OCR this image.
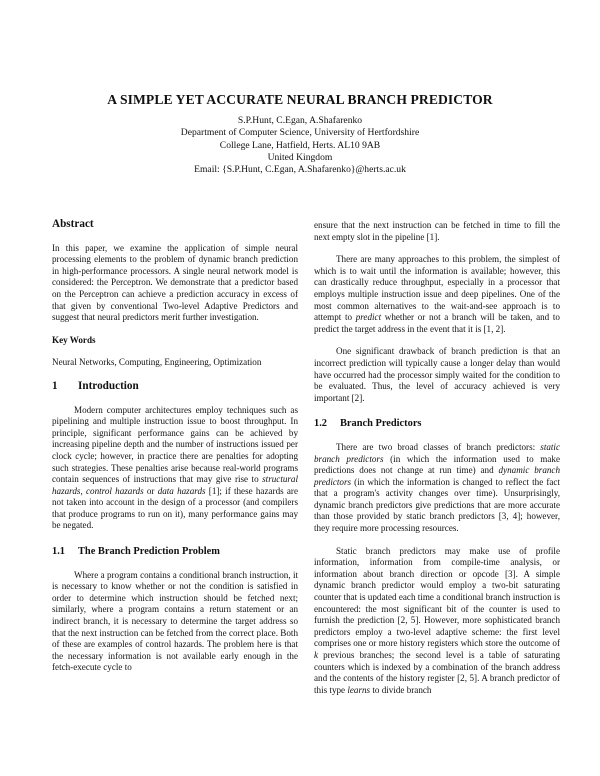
A SIMPLE YET ACCURATE NEURAL BRANCH PREDICTOR
S.P.Hunt, C.Egan, A.Shafarenko
Department of Computer Science, University of Hertfordshire
College Lane, Hatfield, Herts. AL10 9AB
United Kingdom
Email: {S.P.Hunt, C.Egan, A.Shafarenko}@herts.ac.uk

Abstract

In this paper, we examine the application of simple neural processing elements to the problem of dynamic branch prediction in high-performance processors. A single neural network model is considered: the Perceptron. We demonstrate that a predictor based on the Perceptron can achieve a prediction accuracy in excess of that given by conventional Two-level Adaptive Predictors and suggest that neural predictors merit further investigation.

Key Words

Neural Networks, Computing, Engineering, Optimization

1 Introduction

Modern computer architectures employ techniques such as pipelining and multiple instruction issue to boost throughput. In principle, significant performance gains can be achieved by increasing pipeline depth and the number of instructions issued per clock cycle; however, in practice there are penalties for adopting such strategies. These penalties arise because real-world programs contain sequences of instructions that may give rise to structural hazards, control hazards or data hazards [1]; if these hazards are not taken into account in the design of a processor (and compilers that produce programs to run on it), many performance gains may be negated.

1.1 The Branch Prediction Problem

Where a program contains a conditional branch instruction, it is necessary to know whether or not the condition is satisfied in order to determine which instruction should be fetched next; similarly, where a program contains a return statement or an indirect branch, it is necessary to determine the target address so that the next instruction can be fetched from the correct place. Both of these are examples of control hazards. The problem here is that the necessary information is not available early enough in the fetch-execute cycle to

ensure that the next instruction can be fetched in time to fill the next empty slot in the pipeline [1].

There are many approaches to this problem, the simplest of which is to wait until the information is available; however, this can drastically reduce throughput, especially in a processor that employs multiple instruction issue and deep pipelines. One of the most common alternatives to the wait-and-see approach is to attempt to predict whether or not a branch will be taken, and to predict the target address in the event that it is [1, 2].

One significant drawback of branch prediction is that an incorrect prediction will typically cause a longer delay than would have occurred had the processor simply waited for the condition to be evaluated. Thus, the level of accuracy achieved is very important [2].

1.2 Branch Predictors

There are two broad classes of branch predictors: static branch predictors (in which the information used to make predictions does not change at run time) and dynamic branch predictors (in which the information is changed to reflect the fact that a program's activity changes over time). Unsurprisingly, dynamic branch predictors give predictions that are more accurate than those provided by static branch predictors [3, 4]; however, they require more processing resources.

Static branch predictors may make use of profile information, information from compile-time analysis, or information about branch direction or opcode [3]. A simple dynamic branch predictor would employ a two-bit saturating counter that is updated each time a conditional branch instruction is encountered: the most significant bit of the counter is used to furnish the prediction [2, 5]. However, more sophisticated branch predictors employ a two-level adaptive scheme: the first level comprises one or more history registers which store the outcome of k previous branches; the second level is a table of saturating counters which is indexed by a combination of the branch address and the contents of the history register [2, 5]. A branch predictor of this type learns to divide branch
